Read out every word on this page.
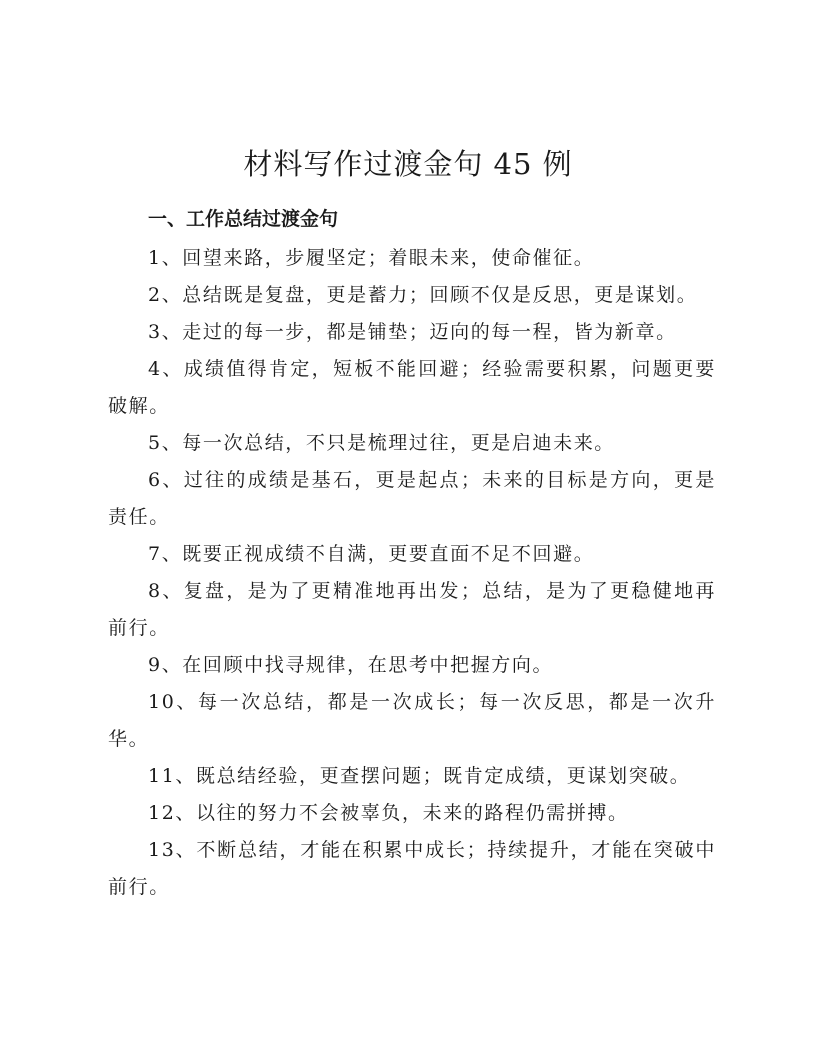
材料写作过渡金句 45 例
一、工作总结过渡金句

1、回望来路，步履坚定；着眼未来，使命催征。

2、总结既是复盘，更是蓄力；回顾不仅是反思，更是谋划。

3、走过的每一步，都是铺垫；迈向的每一程，皆为新章。

4、成绩值得肯定，短板不能回避；经验需要积累，问题更要破解。

5、每一次总结，不只是梳理过往，更是启迪未来。

6、过往的成绩是基石，更是起点；未来的目标是方向，更是责任。

7、既要正视成绩不自满，更要直面不足不回避。

8、复盘，是为了更精准地再出发；总结，是为了更稳健地再前行。

9、在回顾中找寻规律，在思考中把握方向。

10、每一次总结，都是一次成长；每一次反思，都是一次升华。

11、既总结经验，更查摆问题；既肯定成绩，更谋划突破。

12、以往的努力不会被辜负，未来的路程仍需拼搏。

13、不断总结，才能在积累中成长；持续提升，才能在突破中前行。
